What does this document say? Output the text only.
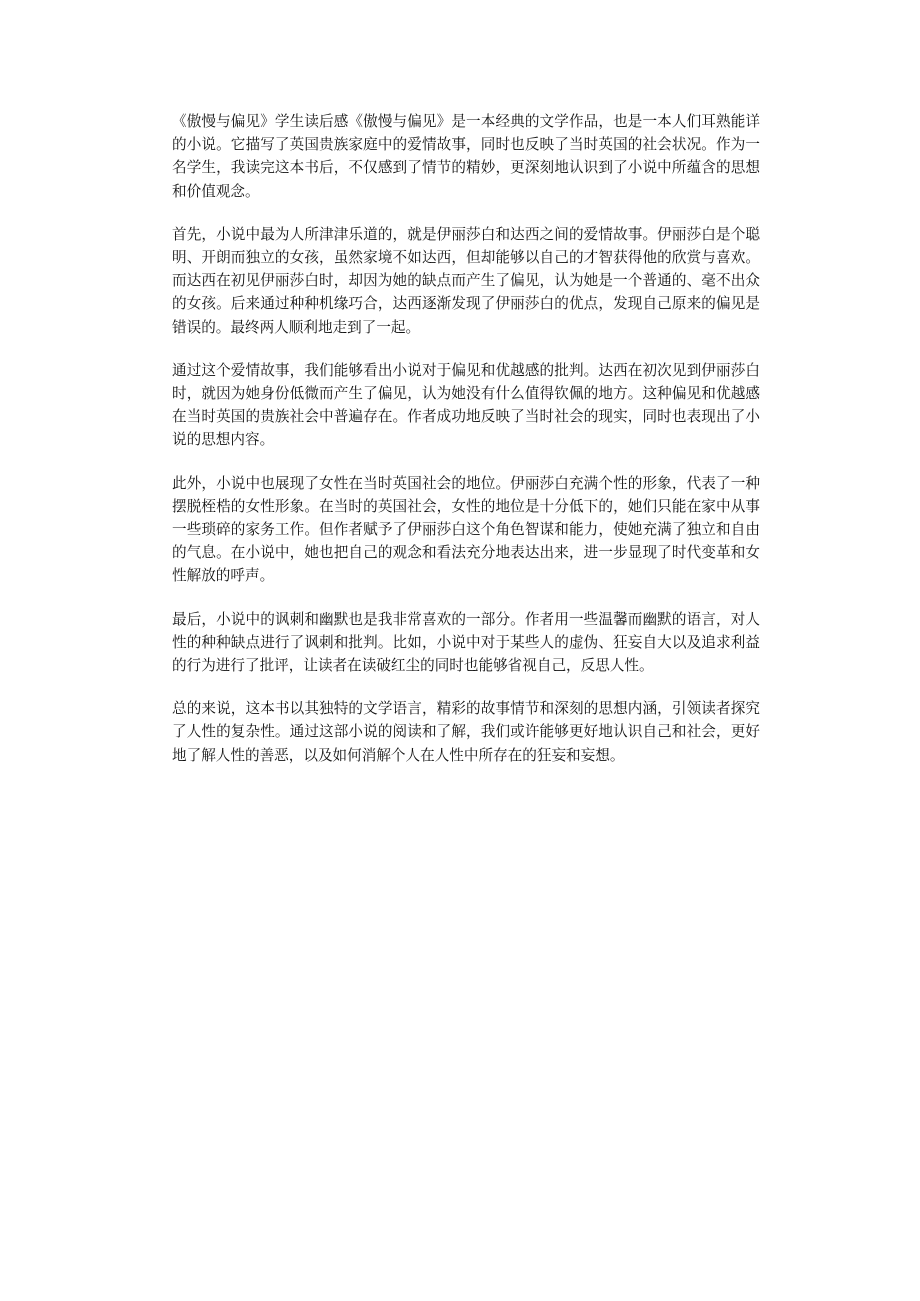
《傲慢与偏见》学生读后感《傲慢与偏见》是一本经典的文学作品，也是一本人们耳熟能详的小说。它描写了英国贵族家庭中的爱情故事，同时也反映了当时英国的社会状况。作为一名学生，我读完这本书后，不仅感到了情节的精妙，更深刻地认识到了小说中所蕴含的思想和价值观念。

首先，小说中最为人所津津乐道的，就是伊丽莎白和达西之间的爱情故事。伊丽莎白是个聪明、开朗而独立的女孩，虽然家境不如达西，但却能够以自己的才智获得他的欣赏与喜欢。而达西在初见伊丽莎白时，却因为她的缺点而产生了偏见，认为她是一个普通的、毫不出众的女孩。后来通过种种机缘巧合，达西逐渐发现了伊丽莎白的优点，发现自己原来的偏见是错误的。最终两人顺利地走到了一起。

通过这个爱情故事，我们能够看出小说对于偏见和优越感的批判。达西在初次见到伊丽莎白时，就因为她身份低微而产生了偏见，认为她没有什么值得钦佩的地方。这种偏见和优越感在当时英国的贵族社会中普遍存在。作者成功地反映了当时社会的现实，同时也表现出了小说的思想内容。

此外，小说中也展现了女性在当时英国社会的地位。伊丽莎白充满个性的形象，代表了一种摆脱桎梏的女性形象。在当时的英国社会，女性的地位是十分低下的，她们只能在家中从事一些琐碎的家务工作。但作者赋予了伊丽莎白这个角色智谋和能力，使她充满了独立和自由的气息。在小说中，她也把自己的观念和看法充分地表达出来，进一步显现了时代变革和女性解放的呼声。

最后，小说中的讽刺和幽默也是我非常喜欢的一部分。作者用一些温馨而幽默的语言，对人性的种种缺点进行了讽刺和批判。比如，小说中对于某些人的虚伪、狂妄自大以及追求利益的行为进行了批评，让读者在读破红尘的同时也能够省视自己，反思人性。

总的来说，这本书以其独特的文学语言，精彩的故事情节和深刻的思想内涵，引领读者探究了人性的复杂性。通过这部小说的阅读和了解，我们或许能够更好地认识自己和社会，更好地了解人性的善恶，以及如何消解个人在人性中所存在的狂妄和妄想。
